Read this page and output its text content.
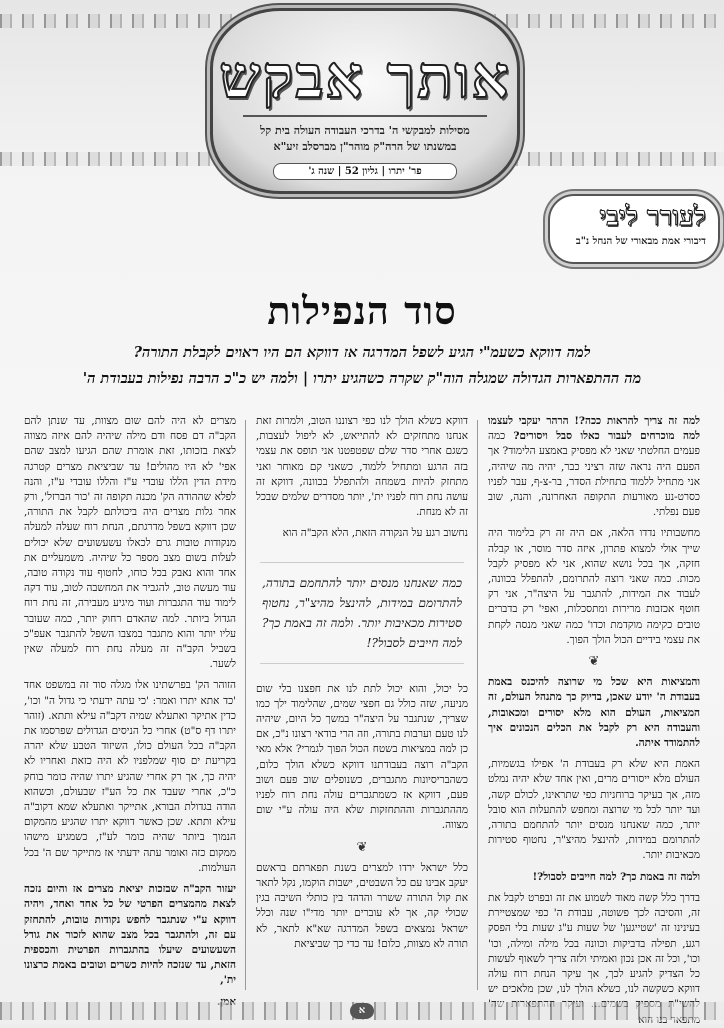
אותך אבקש
מסילות למבקשי ה' בדרכי העבודה העולה בית קל
במשנתו של הרה"ק מוהר"ן מברסלב זיע"א
פר' יתרו | גליון 52 | שנה ג'
לעורר ליבי
דיבורי אמת מבאורי של הנחל נ"ב
סוד הנפילות
למה דווקא כשעמ"י הגיע לשפל המדרגה אז דווקא הם היו ראוים לקבלת התורה?
מה ההתפארות הגדולה שמגלה הוה"ק שקרה כשהגיע יתרו | ולמה יש כ"כ הרבה נפילות בעבודת ה'

למה זה צריך להראות ככה?! הרהר יעקבי לעצמו למה מוכרחים לעבור כאלו סבל ויסורים? כמה פעמים החלטתי שאני לא מפסיק באמצע הלימוד? אך הפעם היה נראה שזה רציני כבר, יהיה מה שיהיה, אני מתחיל ללמוד בתחילת הסדר, בר-צ-ף, עבר לפניו כסרט-נע מאורעות התקופה האחרונה, והנה, שוב פעם נפלתי.

מחשבותיו נדדו הלאה, אם היה זה רק בלימוד היה שייך אולי למצוא פתרון, איזה סדר מוסר, או קבלה חזקה, אך בכל נושא שהוא, אני לא מפסיק לקבל מכות. כמה שאני רוצה להתרומם, להתפלל בכוונה, לעבוד את המידות, להתגבר על היצה"ר, אני רק חוטף אכזבות מרירות ומתסכלות, ואפי' רק בדברים טובים כקימה מוקדמת וכדו' כמה שאני מנסה לקחת את עצמי בידיים הכול הולך הפוך.

❦

והמציאות היא שכל מי שרוצה להיכנס באמת בעבודת ה' יודע שאכן, בדיוק כך מתנהל העולם, זה המציאות, העולם הוא מלא יסורים ומכאובות, והעבודה היא רק לקבל את הכלים הנכונים איך להתמודד איתה.

האמת היא שלא רק בעבודת ה' אפילו בגשמיות, העולם מלא ייסורים מרים, ואין אחד שלא יהיה נמלט מזה, אך בעיקר ברוחניות כפי שתראינו, לכולם קשה, ועד יותר לכל מי שרוצה ומחפש להתעלות הוא סובל יותר, כמה שאנחנו מנסים יותר להתחמם בתורה, להתרומם במידות, להינצל מהיצ"ר, נחטוף סטירות מכאיבות יותר.

ולמה זה באמת כך? למה חייבים לסבול?!

בדרך כלל קשה מאוד לשמוע את זה ובפרט לקבל את זה, והסיבה לכך פשוטה, עבודת ה' כפי שמצטיירת בעינינו זה 'שטייגען' של שעות ע"ג שעות בלי הפסק רגע, תפילה בדביקות וכוונה בכל מילה ומילה, וכו' וכו', וכל זה אכן נכון ואמיתי ולזה צריך לשאוף לעשות כל הצדיק להגיע לכך, אך עיקר הנחת רוח עולה דווקא כשקשה לנו, כשלא הולך לנו, שכן מלאכים יש

דווקא כשלא הולך לנו כפי רצוננו הטוב, ולמרות זאת אנחנו מתחזקים לא להתייאש, לא ליפול לעצבות, כשגם אחרי סדר שלם שפטפטנו אני תופס את עצמי בזה הרגע ומתחיל ללמוד, כשאני קם מאוחר ואני מתחזק להיות בשמחה ולהתפלל בכוונה, דווקא זה עושה נחת רוח לפניו ית', יותר מסדרים שלמים שבכל זה לא מנחת.

נחשוב רגע על הנקודה הזאת, הלא הקב"ה הוא

כמה שאנחנו מנסים יותר להתחמם בתורה, להתרומם במידות, להינצל מהיצ"ר, נחטוף סטירות מכאיבות יותר. ולמה זה באמת כך? למה חייבים לסבול?!

כל יכול, והוא יכול לתת לנו את חפצנו בלי שום מניעה, שזה כולל גם חפצי שמים, שהלימוד ילך כמו שצריך, שנתגבר על היצה"ר במשך כל היום, שיהיה לנו טעם וערבות בתורה, וזה הרי בודאי רצונו נ"כ, אם כן למה במציאות בשטח הכול הפוך לגמרי? אלא מאי הקב"ה רוצה בעבודתנו דווקא כשלא הולך כלום, כשהבריסיונות מתגברים, כשנופלים שוב פעם ושוב פעם, דווקא אז כשמתגברים עולה נחת רוח לפניו מההתגברות וההתחזקות שלא היה עולה ע"י שום מצווה.

❦

כלל ישראל ירדו למצרים בשנת תפארתם בראשם יעקב אבינו עם כל השבטים, ישבות הוקמו, נקל לתאר את קול התורה ששרר והדהד בין כותלי השיבה בגין שכולי קה, אך לא עוברים יותר מדי"ו שנה וכלל ישראל נמצאים בשפל המדרגה שא"א לתאר, לא תורה לא מצוות, כלום! עד כדי כך שביציאת

מצרים לא היה להם שום מצוות, עד שנתן להם הקב"ה דם פסח ודם מילה שיהיה להם איזה מצווה לצאת בזכותו, זאת אומרת שהם הגיעו למצב שהם אפי' לא היו מהולים! עד שביציאת מצרים קטרגה מידת הדין הללו עובדי ע"ז והללו עובדי ע"ז, והנה לפלא שההודה הק' מכנה תקופה זה 'כור הברזל', ורק אחר גלות מצרים היה ביכולתם לקבל את התורה, שכן דווקא בשפל מדרגתם, הנחת רוח שעלה למעלה מנקודות טובות גרם לכאלו עשעשועים שלא יכולים לעלות בשום מצב מספר כל שיהיה. משמעליים את אחד והוא נאבק בכל כוחו, לחטוף עוד נקודה טובה, עוד מעשה טוב, להגביר את המחשבה לטוב, עוד דקה לימוד עוד התגברות ועוד מיגיע מעבירה, זה נחת רוח הגדול ביותר. למה שהאדם רחוק יותר, כמה שעובר עליו יותר והוא מתגבר במצבו השפל להתגבר אעפ"כ בשביל הקב"ה זה מעלה נחת רוח למעלה שאין לשער.

הזוהר הק' בפרשתינו אלו מגלה סוד זה במשפט אחד 'כד אתא יתרו ואמר: 'כי עתה ידעתי כי גדול ה" וכו', כדין אתיקר ואתעלא שמיה דקב"ה עילא ותתא. (זוהר יתרו דף ס"ט) אחרי כל הניסים הגדולים שפרסמו את הקב"ה בכל העולם כולו, השיזוד הטבע שלא יהרה בקריעת ים סוף שמלפניו לא היה כזאת ואחריו לא יהיה כך, אך רק אחרי שהגיע יתרו שהיה כומר בוחק כ"כ, אחרי שעבד את כל הע"ז שבעולם, וכשהוא הודה בגדולת הבורא, אתייקר ואתעלא שמא דקוב"ה עילא ותתא. שכן כאשר דווקא יתרו שהגיע מהמקום הנמוך ביותר שהיה כומר לע"ז, כשמגיע מישהו ממקום כזה ואומר עתה ידעתי אז מתייקר שם ה' בכל העולמות.

יעזור הקב"ה שבזכות יציאת מצרים אז והיום נזכה לצאת מהמצרים הפרטי של כל אחד ואחד, ויהיה דווקא ע"י שנתגבר לחפש נקודות טובות, להתחזק עם זה, ולהתגבר בכל מצב שהוא לזכור את גודל השעשועים שיעלו בהתגברות הפרטית והכספית הזאת, עד שנזכה להיות כשרים וטובים באמת כרצונו ית',

א
